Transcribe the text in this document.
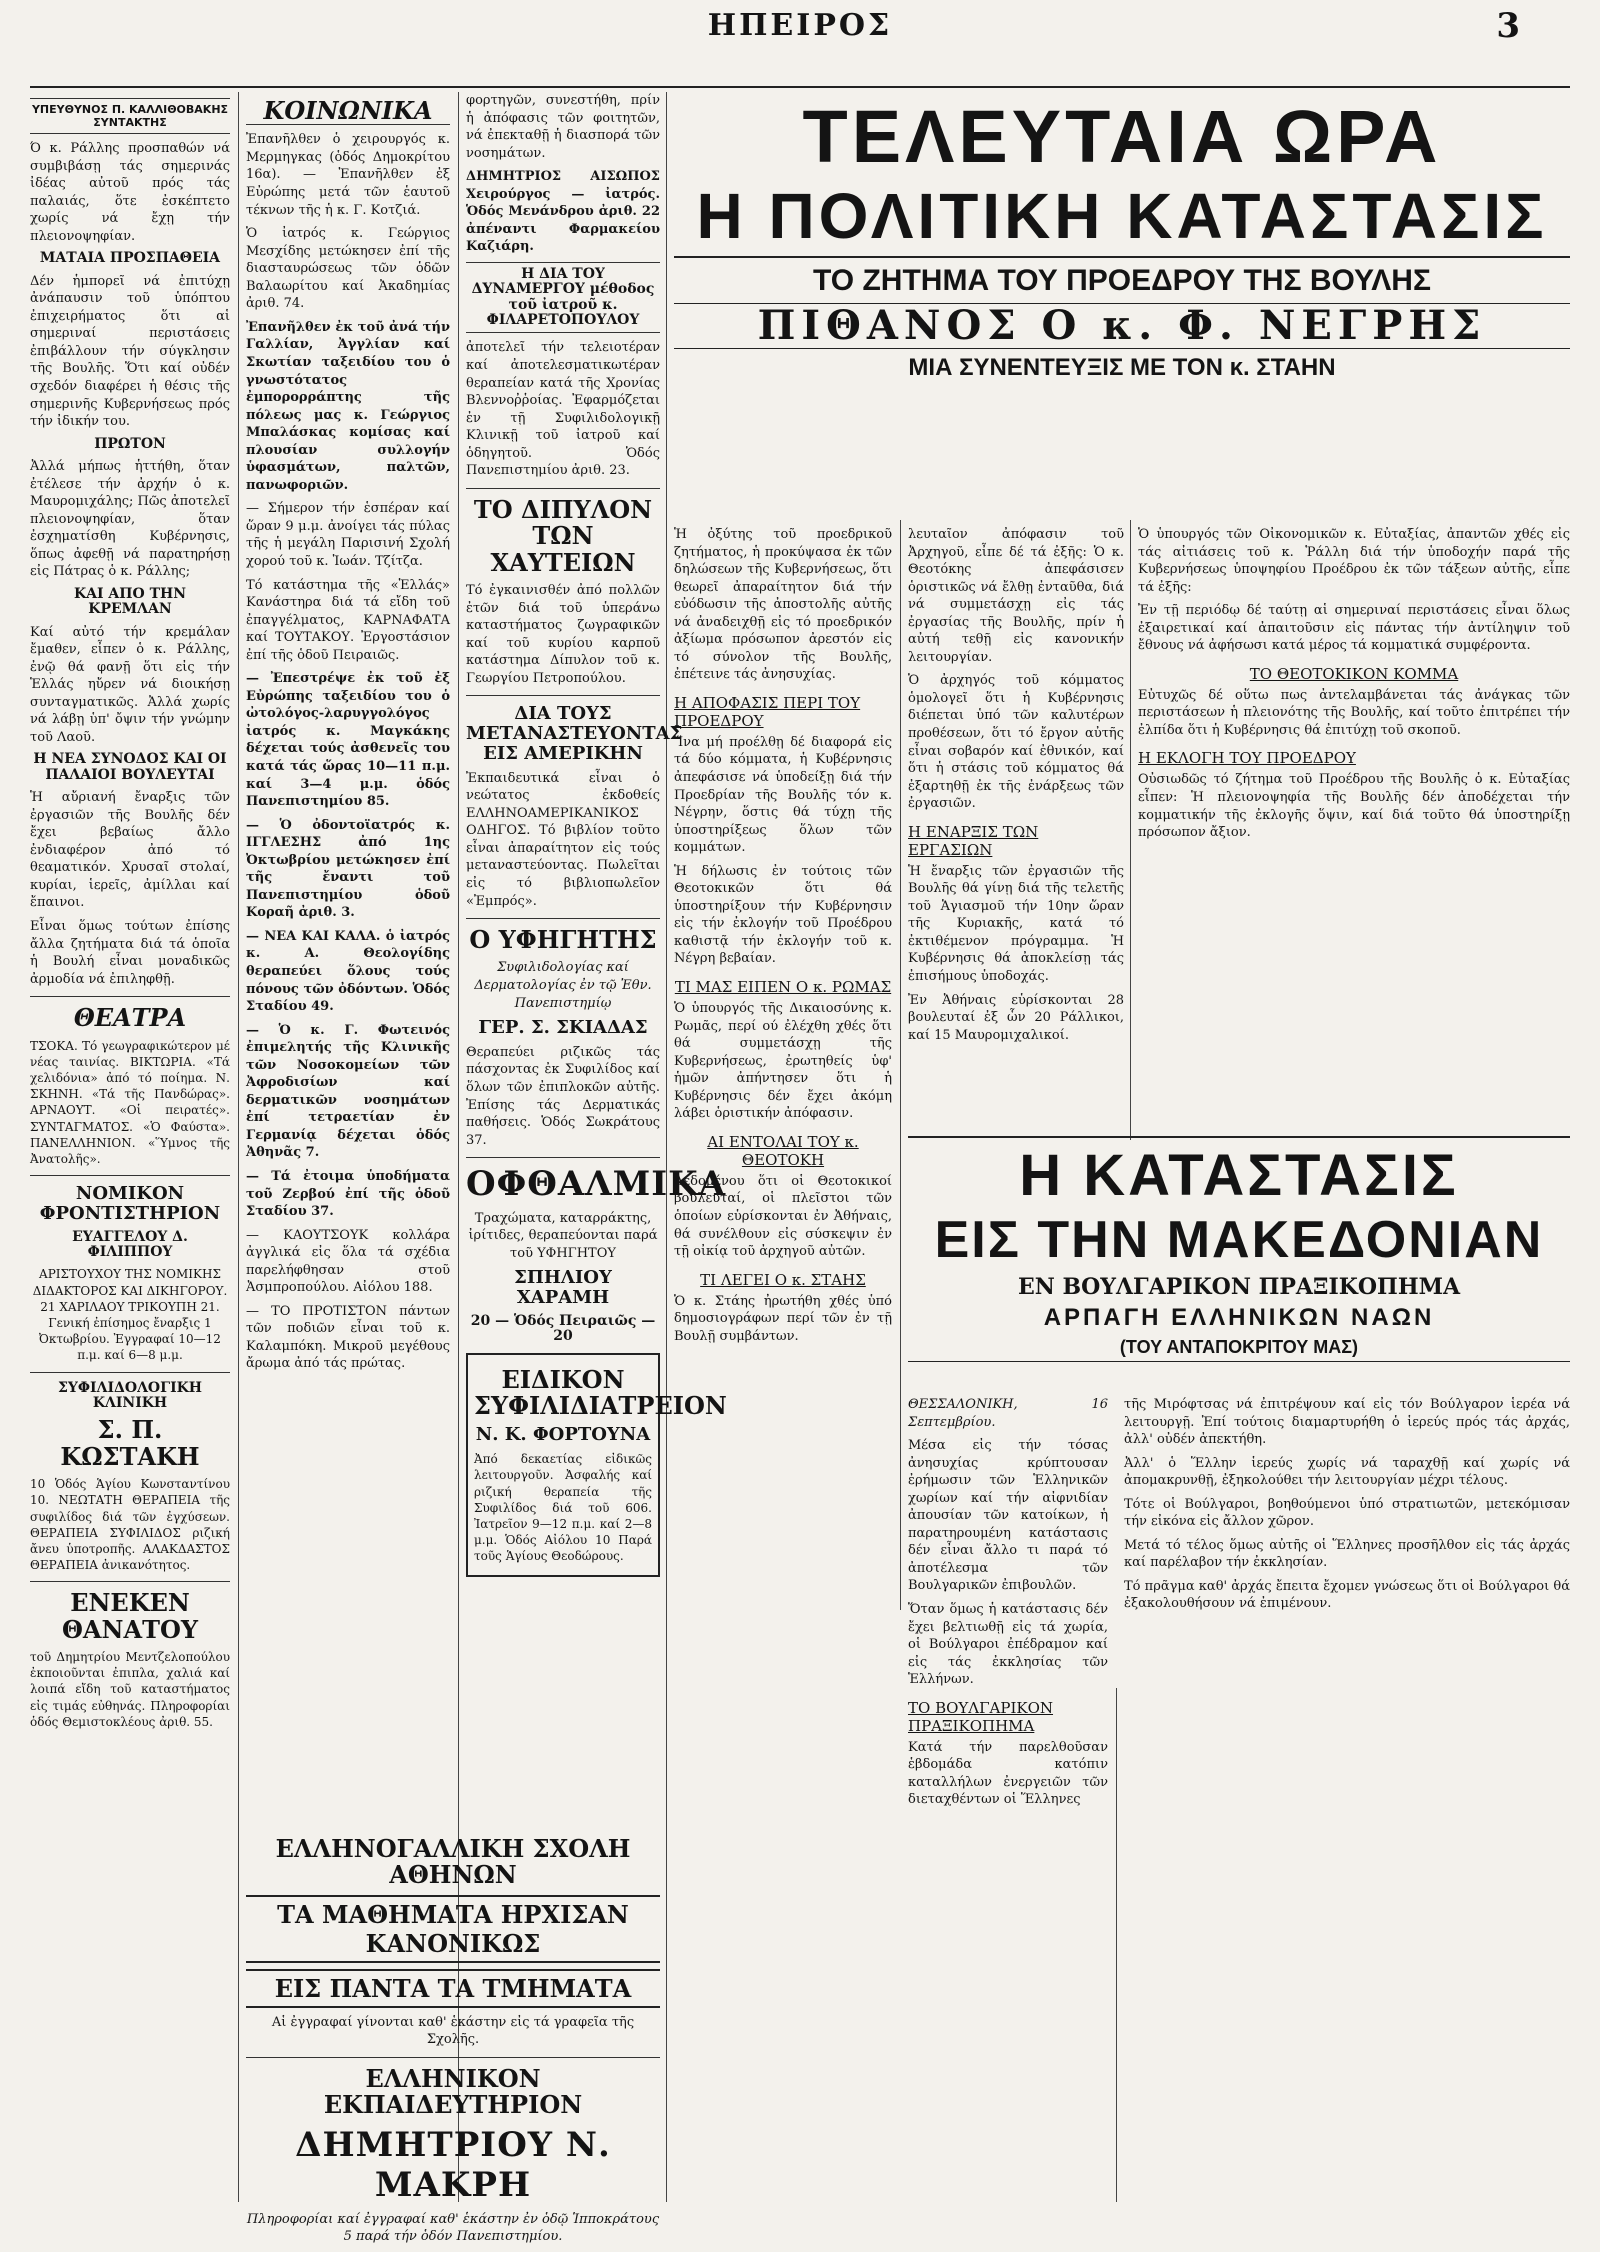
ΗΠΕΙΡΟΣ	3
ΥΠΕΥΘΥΝΟΣ Π. ΚΑΛΛΙΘΟΒΑΚΗΣ
ΣΥΝΤΑΚΤΗΣ

Ό κ. Ράλλης προσπαθών νά συμβιβάσῃ τάς σημερινάς ἰδέας αὐτοῦ πρός τάς παλαιάς, ὅτε ἐσκέπτετο χωρίς νά ἔχῃ τήν πλειονοψηφίαν.

ΜΑΤΑΙΑ ΠΡΟΣΠΑΘΕΙΑ

Δέν ἡμπορεῖ νά ἐπιτύχῃ ἀνάπαυσιν τοῦ ὑπόπτου ἐπιχειρήματος ὅτι αἱ σημεριναί περιστάσεις ἐπιβάλλουν τήν σύγκλησιν τῆς Βουλῆς. Ὅτι καί οὐδέν σχεδόν διαφέρει ἡ θέσις τῆς σημερινῆς Κυβερνήσεως πρός τήν ἰδικήν του.

ΠΡΩΤΟΝ

Ἀλλά μήπως ἡττήθη, ὅταν ἐτέλεσε τήν ἀρχήν ὁ κ. Μαυρομιχάλης; Πῶς ἀποτελεῖ πλειονοψηφίαν, ὅταν ἐσχηματίσθη Κυβέρνησις, ὅπως ἀφεθῇ νά παρατηρήσῃ εἰς Πάτρας ὁ κ. Ράλλης;

ΚΑΙ ΑΠΟ ΤΗΝ ΚΡΕΜΛΑΝ

Καί αὐτό τήν κρεμάλαν ἔμαθεν, εἶπεν ὁ κ. Ράλλης, ἐνῷ θά φανῇ ὅτι εἰς τήν Ἑλλάς ηὔρεν νά διοικήσῃ συνταγματικῶς. Ἀλλά χωρίς νά λάβῃ ὑπ' ὄψιν τήν γνώμην τοῦ Λαοῦ.

Η ΝΕΑ ΣΥΝΟΔΟΣ ΚΑΙ ΟΙ ΠΑΛΑΙΟΙ ΒΟΥΛΕΥΤΑΙ

Ἡ αὔριανή ἔναρξις τῶν ἐργασιῶν τῆς Βουλῆς δέν ἔχει βεβαίως ἄλλο ἐνδιαφέρον ἀπό τό θεαματικόν. Χρυσαῖ στολαί, κυρίαι, ἱερεῖς, ἀμίλλαι καί ἔπαινοι.

Εἶναι ὅμως τούτων ἐπίσης ἄλλα ζητήματα διά τά ὁποῖα ἡ Βουλή εἶναι μοναδικῶς ἀρμοδία νά ἐπιληφθῇ.

ΘΕΑΤΡΑ

ΤΣΟΚΑ. Τό γεωγραφικώτερον μέ νέας ταινίας. ΒΙΚΤΩΡΙΑ. «Τά χελιδόνια» ἀπό τό ποίημα. Ν. ΣΚΗΝΗ. «Τά τῆς Πανδώρας». ΑΡΝΑΟΥΤ. «Οἱ πειρατές». ΣΥΝΤΑΓΜΑΤΟΣ. «Ὁ Φαύστα». ΠΑΝΕΛΛΗΝΙΟΝ. «Ὕμνος τῆς Ἀνατολῆς».

ΝΟΜΙΚΟΝ ΦΡΟΝΤΙΣΤΗΡΙΟΝ
ΕΥΑΓΓΕΛΟΥ Δ. ΦΙΛΙΠΠΟΥ

ΑΡΙΣΤΟΥΧΟΥ ΤΗΣ ΝΟΜΙΚΗΣ ΔΙΔΑΚΤΟΡΟΣ ΚΑΙ ΔΙΚΗΓΟΡΟΥ. 21 ΧΑΡΙΛΑΟΥ ΤΡΙΚΟΥΠΗ 21. Γενική ἐπίσημος ἔναρξις 1 Ὀκτωβρίου. Ἐγγραφαί 10—12 π.μ. καί 6—8 μ.μ.

ΣΥΦΙΛΙΔΟΛΟΓΙΚΗ ΚΛΙΝΙΚΗ
Σ. Π. ΚΩΣΤΑΚΗ

10 Ὁδός Ἁγίου Κωνσταντίνου 10. ΝΕΩΤΑΤΗ ΘΕΡΑΠΕΙΑ τῆς συφιλίδος διά τῶν ἐγχύσεων. ΘΕΡΑΠΕΙΑ ΣΥΦΙΛΙΔΟΣ ριζική ἄνευ ὑποτροπῆς. ΑΛΑΚΔΑΣΤΟΣ ΘΕΡΑΠΕΙΑ ἀνικανότητος.

ΕΝΕΚΕΝ ΘΑΝΑΤΟΥ

τοῦ Δημητρίου Μεντζελοπούλου ἐκποιοῦνται ἐπιπλα, χαλιά καί λοιπά εἴδη τοῦ καταστήματος εἰς τιμάς εὐθηνάς. Πληροφορίαι ὁδός Θεμιστοκλέους ἀριθ. 55.

ΚΟΙΝΩΝΙΚΑ

Ἐπανῆλθεν ὁ χειρουργός κ. Μερμηγκας (ὁδός Δημοκρίτου 16α). — Ἐπανῆλθεν ἐξ Εὐρώπης μετά τῶν ἑαυτοῦ τέκνων τῆς ἡ κ. Γ. Κοτζιά.

Ὁ ἰατρός κ. Γεώργιος Μεσχίδης μετώκησεν ἐπί τῆς διασταυρώσεως τῶν ὁδῶν Βαλαωρίτου καί Ἀκαδημίας ἀριθ. 74.

Ἐπανῆλθεν ἐκ τοῦ ἀνά τήν Γαλλίαν, Ἀγγλίαν καί Σκωτίαν ταξειδίου του ὁ γνωστότατος ἐμπορορράπτης τῆς πόλεως μας κ. Γεώργιος Μπαλάσκας κομίσας καί πλουσίαν συλλογήν ὑφασμάτων, παλτῶν, πανωφοριῶν.

— Σήμερον τήν ἑσπέραν καί ὥραν 9 μ.μ. ἀνοίγει τάς πύλας τῆς ἡ μεγάλη Παρισινή Σχολή χορού τοῦ κ. Ἰωάν. Τζίτζα.

Τό κατάστημα τῆς «Ἑλλάς» Κανάστηρα διά τά εἴδη τοῦ ἐπαγγέλματος, ΚΑΡΝΑΦΑΤΑ καί ΤΟΥΤΑΚΟΥ. Ἐργοστάσιον ἐπί τῆς ὁδοῦ Πειραιῶς.

— Ἐπεστρέψε ἐκ τοῦ ἐξ Εὐρώπης ταξειδίου του ὁ ὠτολόγος-λαρυγγολόγος ἰατρός κ. Μαγκάκης δέχεται τούς ἀσθενεῖς του κατά τάς ὥρας 10—11 π.μ. καί 3—4 μ.μ. ὁδός Πανεπιστημίου 85.

— Ὁ ὀδοντοϊατρός κ. ΙΓΓΛΕΣΗΣ ἀπό 1ης Ὀκτωβρίου μετώκησεν ἐπί τῆς ἔναντι τοῦ Πανεπιστημίου ὁδοῦ Κοραῆ ἀριθ. 3.

— ΝΕΑ ΚΑΙ ΚΑΛΑ. ὁ ἰατρός κ. Α. Θεολογίδης θεραπεύει ὅλους τούς πόνους τῶν ὀδόντων. Ὁδός Σταδίου 49.

— Ὁ κ. Γ. Φωτεινός ἐπιμελητής τῆς Κλινικῆς τῶν Νοσοκομείων τῶν Ἀφροδισίων καί δερματικῶν νοσημάτων ἐπί τετραετίαν ἐν Γερμανίᾳ δέχεται ὁδός Ἀθηνᾶς 7.

— Τά ἐτοιμα ὑποδήματα τοῦ Ζερβού ἐπί τῆς ὁδοῦ Σταδίου 37.

— ΚΑΟΥΤΣΟΥΚ κολλάρα ἀγγλικά εἰς ὅλα τά σχέδια παρελήφθησαν στοῦ Ἀσμπροπούλου. Αἰόλου 188.

— ΤΟ ΠΡΟΤΙΣΤΟΝ πάντων τῶν ποδιῶν εἶναι τοῦ κ. Καλαμπόκη. Μικροῦ μεγέθους ἄρωμα ἀπό τάς πρώτας.

φορτηγῶν, συνεστήθη, πρίν ἡ ἀπόφασις τῶν φοιτητῶν, νά ἐπεκταθῇ ἡ διασπορά τῶν νοσημάτων.

ΔΗΜΗΤΡΙΟΣ ΑΙΣΩΠΟΣ Χειρούργος — ἰατρός. Ὁδός Μενάνδρου ἀριθ. 22 ἀπέναντι Φαρμακείου Καζιάρη.

Η ΔΙΑ ΤΟΥ ΔΥΝΑΜΕΡΓΟΥ μέθοδος τοῦ ἰατροῦ κ. ΦΙΛΑΡΕΤΟΠΟΥΛΟΥ

ἀποτελεῖ τήν τελειοτέραν καί ἀποτελεσματικωτέραν θεραπείαν κατά τῆς Χρονίας Βλεννοῤῥοίας. Ἐφαρμόζεται ἐν τῇ Συφιλιδολογικῇ Κλινικῇ τοῦ ἰατροῦ καί ὁδηγητοῦ. Ὁδός Πανεπιστημίου ἀριθ. 23.

ΤΟ ΔΙΠΥΛΟΝ ΤΩΝ ΧΑΥΤΕΙΩΝ

Τό ἐγκαινισθέν ἀπό πολλῶν ἐτῶν διά τοῦ ὑπεράνω καταστήματος ζωγραφικῶν καί τοῦ κυρίου καρποῦ κατάστημα Δίπυλον τοῦ κ. Γεωργίου Πετροπούλου.

ΔΙΑ ΤΟΥΣ ΜΕΤΑΝΑΣΤΕΥΟΝΤΑΣ ΕΙΣ ΑΜΕΡΙΚΗΝ

Ἐκπαιδευτικά εἶναι ὁ νεώτατος ἐκδοθείς ΕΛΛΗΝΟΑΜΕΡΙΚΑΝΙΚΟΣ ΟΔΗΓΟΣ. Τό βιβλίον τοῦτο εἶναι ἀπαραίτητον εἰς τούς μεταναστεύοντας. Πωλεῖται εἰς τό βιβλιοπωλεῖον «Ἐμπρός».

Ο ΥΦΗΓΗΤΗΣ

Συφιλιδολογίας καί Δερματολογίας ἐν τῷ Ἐθν. Πανεπιστημίῳ

ΓΕΡ. Σ. ΣΚΙΑΔΑΣ

Θεραπεύει ριζικῶς τάς πάσχοντας ἐκ Συφιλίδος καί ὅλων τῶν ἐπιπλοκῶν αὐτῆς. Ἐπίσης τάς Δερματικάς παθήσεις. Ὁδός Σωκράτους 37.

ΟΦΘΑΛΜΙΚΑ

Τραχώματα, καταρράκτης, ἰρίτιδες, θεραπεύονται παρά τοῦ ΥΦΗΓΗΤΟΥ

ΣΠΗΛΙΟΥ ΧΑΡΑΜΗ
20 — Ὁδός Πειραιῶς — 20
ΕΙΔΙΚΟΝ ΣΥΦΙΛΙΔΙΑΤΡΕΙΟΝ
Ν. Κ. ΦΟΡΤΟΥΝΑ

Ἀπό δεκαετίας εἰδικῶς λειτουργοῦν. Ἀσφαλής καί ριζική θεραπεία τῆς Συφιλίδος διά τοῦ 606. Ἰατρεῖον 9—12 π.μ. καί 2—8 μ.μ. Ὁδός Αἰόλου 10 Παρά τοῦς Ἁγίους Θεοδώρους.

ΕΛΛΗΝΟΓΑΛΛΙΚΗ ΣΧΟΛΗ ΑΘΗΝΩΝ
ΤΑ ΜΑΘΗΜΑΤΑ ΗΡΧΙΣΑΝ ΚΑΝΟΝΙΚΩΣ
ΕΙΣ ΠΑΝΤΑ ΤΑ ΤΜΗΜΑΤΑ

Αἱ ἐγγραφαί γίνονται καθ' ἑκάστην εἰς τά γραφεῖα τῆς Σχολῆς.

ΕΛΛΗΝΙΚΟΝ ΕΚΠΑΙΔΕΥΤΗΡΙΟΝ
ΔΗΜΗΤΡΙΟΥ Ν. ΜΑΚΡΗ

Πληροφορίαι καί ἐγγραφαί καθ' ἑκάστην ἐν ὁδῷ Ἱπποκράτους 5 παρά τήν ὁδόν Πανεπιστημίου.

ΤΕΛΕΥΤΑΙΑ ΩΡΑ
Η ΠΟΛΙΤΙΚΗ ΚΑΤΑΣΤΑΣΙΣ
ΤΟ ΖΗΤΗΜΑ ΤΟΥ ΠΡΟΕΔΡΟΥ ΤΗΣ ΒΟΥΛΗΣ
ΠΙΘΑΝΟΣ Ο κ. Φ. ΝΕΓΡΗΣ
ΜΙΑ ΣΥΝΕΝΤΕΥΞΙΣ ΜΕ ΤΟΝ κ. ΣΤΑΗΝ

Ἡ ὀξύτης τοῦ προεδρικοῦ ζητήματος, ἡ προκύψασα ἐκ τῶν δηλώσεων τῆς Κυβερνήσεως, ὅτι θεωρεῖ ἀπαραίτητον διά τήν εὐόδωσιν τῆς ἀποστολῆς αὐτῆς νά ἀναδειχθῇ εἰς τό προεδρικόν ἀξίωμα πρόσωπον ἀρεστόν εἰς τό σύνολον τῆς Βουλῆς, ἐπέτεινε τάς ἀνησυχίας.

Η ΑΠΟΦΑΣΙΣ ΠΕΡΙ ΤΟΥ ΠΡΟΕΔΡΟΥ

Ἵνα μή προέλθῃ δέ διαφορά εἰς τά δύο κόμματα, ἡ Κυβέρνησις ἀπεφάσισε νά ὑποδείξῃ διά τήν Προεδρίαν τῆς Βουλῆς τόν κ. Νέγρην, ὅστις θά τύχῃ τῆς ὑποστηρίξεως ὅλων τῶν κομμάτων.

Ἡ δήλωσις ἐν τούτοις τῶν Θεοτοκικῶν ὅτι θά ὑποστηρίξουν τήν Κυβέρνησιν εἰς τήν ἐκλογήν τοῦ Προέδρου καθιστᾷ τήν ἐκλογήν τοῦ κ. Νέγρη βεβαίαν.

ΤΙ ΜΑΣ ΕΙΠΕΝ Ο κ. ΡΩΜΑΣ

Ὁ ὑπουργός τῆς Δικαιοσύνης κ. Ρωμᾶς, περί ού ἐλέχθη χθές ὅτι θά συμμετάσχῃ τῆς Κυβερνήσεως, ἐρωτηθείς ὑφ' ἡμῶν ἀπήντησεν ὅτι ἡ Κυβέρνησις δέν ἔχει ἀκόμη λάβει ὁριστικήν ἀπόφασιν.

ΑΙ ΕΝΤΟΛΑΙ ΤΟΥ κ. ΘΕΟΤΟΚΗ

Δεδομένου ὅτι οἱ Θεοτοκικοί βουλευταί, οἱ πλεῖστοι τῶν ὁποίων εὑρίσκονται ἐν Ἀθήναις, θά συνέλθουν εἰς σύσκεψιν ἐν τῇ οἰκίᾳ τοῦ ἀρχηγοῦ αὐτῶν.

ΤΙ ΛΕΓΕΙ Ο κ. ΣΤΑΗΣ

Ὁ κ. Στάης ἠρωτήθη χθές ὑπό δημοσιογράφων περί τῶν ἐν τῇ Βουλῇ συμβάντων.

λευταῖον ἀπόφασιν τοῦ Ἀρχηγοῦ, εἶπε δέ τά ἐξῆς: Ὁ κ. Θεοτόκης ἀπεφάσισεν ὁριστικῶς νά ἔλθῃ ἐνταῦθα, διά νά συμμετάσχῃ εἰς τάς ἐργασίας τῆς Βουλῆς, πρίν ἡ αὐτή τεθῇ εἰς κανονικήν λειτουργίαν.

Ὁ ἀρχηγός τοῦ κόμματος ὁμολογεῖ ὅτι ἡ Κυβέρνησις διέπεται ὑπό τῶν καλυτέρων προθέσεων, ὅτι τό ἔργον αὐτῆς εἶναι σοβαρόν καί ἐθνικόν, καί ὅτι ἡ στάσις τοῦ κόμματος θά ἐξαρτηθῇ ἐκ τῆς ἐνάρξεως τῶν ἐργασιῶν.

Η ΕΝΑΡΞΙΣ ΤΩΝ ΕΡΓΑΣΙΩΝ

Ἡ ἔναρξις τῶν ἐργασιῶν τῆς Βουλῆς θά γίνῃ διά τῆς τελετῆς τοῦ Ἁγιασμοῦ τήν 10ην ὥραν τῆς Κυριακῆς, κατά τό ἐκτιθέμενον πρόγραμμα. Ἡ Κυβέρνησις θά ἀποκλείσῃ τάς ἐπισήμους ὑποδοχάς.

Ἐν Ἀθήναις εὑρίσκονται 28 βουλευταί ἐξ ὧν 20 Ράλλικοι, καί 15 Μαυρομιχαλικοί.

Ὁ ὑπουργός τῶν Οἰκονομικῶν κ. Εὐταξίας, ἀπαντῶν χθές εἰς τάς αἰτιάσεις τοῦ κ. Ῥάλλη διά τήν ὑποδοχήν παρά τῆς Κυβερνήσεως ὑποψηφίου Προέδρου ἐκ τῶν τάξεων αὐτῆς, εἶπε τά ἐξῆς:

Ἐν τῇ περιόδῳ δέ ταύτῃ αἱ σημεριναί περιστάσεις εἶναι ὅλως ἐξαιρετικαί καί ἀπαιτοῦσιν εἰς πάντας τήν ἀντίληψιν τοῦ ἔθνους νά ἀφήσωσι κατά μέρος τά κομματικά συμφέροντα.

ΤΟ ΘΕΟΤΟΚΙΚΟΝ ΚΟΜΜΑ

Εὐτυχῶς δέ οὕτω πως ἀντελαμβάνεται τάς ἀνάγκας τῶν περιστάσεων ἡ πλειονότης τῆς Βουλῆς, καί τοῦτο ἐπιτρέπει τήν ἐλπίδα ὅτι ἡ Κυβέρνησις θά ἐπιτύχῃ τοῦ σκοποῦ.

Η ΕΚΛΟΓΗ ΤΟΥ ΠΡΟΕΔΡΟΥ

Οὐσιωδῶς τό ζήτημα τοῦ Προέδρου τῆς Βουλῆς ὁ κ. Εὐταξίας εἶπεν: Ἡ πλειονοψηφία τῆς Βουλῆς δέν ἀποδέχεται τήν κομματικήν τῆς ἐκλογῆς ὅψιν, καί διά τοῦτο θά ὑποστηρίξῃ πρόσωπον ἄξιον.

Η ΚΑΤΑΣΤΑΣΙΣ
ΕΙΣ ΤΗΝ ΜΑΚΕΔΟΝΙΑΝ
ΕΝ ΒΟΥΛΓΑΡΙΚΟΝ ΠΡΑΞΙΚΟΠΗΜΑ
ΑΡΠΑΓΗ ΕΛΛΗΝΙΚΩΝ ΝΑΩΝ
(ΤΟΥ ΑΝΤΑΠΟΚΡΙΤΟΥ ΜΑΣ)

ΘΕΣΣΑΛΟΝΙΚΗ, 16 Σεπτεμβρίου.

Μέσα εἰς τήν τόσας ἀνησυχίας κρύπτουσαν ἐρήμωσιν τῶν Ἑλληνικῶν χωρίων καί τήν αἰφνιδίαν ἀπουσίαν τῶν κατοίκων, ἡ παρατηρουμένη κατάστασις δέν εἶναι ἄλλο τι παρά τό ἀποτέλεσμα τῶν Βουλγαρικῶν ἐπιβουλῶν.

Ὅταν ὅμως ἡ κατάστασις δέν ἔχει βελτιωθῇ εἰς τά χωρία, οἱ Βούλγαροι ἐπέδραμον καί εἰς τάς ἐκκλησίας τῶν Ἑλλήνων.

ΤΟ ΒΟΥΛΓΑΡΙΚΟΝ ΠΡΑΞΙΚΟΠΗΜΑ

Κατά τήν παρελθοῦσαν ἑβδομάδα κατόπιν καταλλήλων ἐνεργειῶν τῶν διεταχθέντων οἱ Ἕλληνες

τῆς Μιρόφτσας νά ἐπιτρέψουν καί εἰς τόν Βούλγαρον ἱερέα νά λειτουργῇ. Ἐπί τούτοις διαμαρτυρήθη ὁ ἱερεύς πρός τάς ἀρχάς, ἀλλ' οὐδέν ἀπεκτήθη.

Ἀλλ' ὁ Ἕλλην ἱερεύς χωρίς νά ταραχθῇ καί χωρίς νά ἀπομακρυνθῇ, ἐξηκολούθει τήν λειτουργίαν μέχρι τέλους.

Τότε οἱ Βούλγαροι, βοηθούμενοι ὑπό στρατιωτῶν, μετεκόμισαν τήν εἰκόνα εἰς ἄλλον χῶρον.

Μετά τό τέλος ὅμως αὐτῆς οἱ Ἕλληνες προσῆλθον εἰς τάς ἀρχάς καί παρέλαβον τήν ἐκκλησίαν.

Τό πρᾶγμα καθ' ἀρχάς ἔπειτα ἔχομεν γνώσεως ὅτι οἱ Βούλγαροι θά ἐξακολουθήσουν νά ἐπιμένουν.
